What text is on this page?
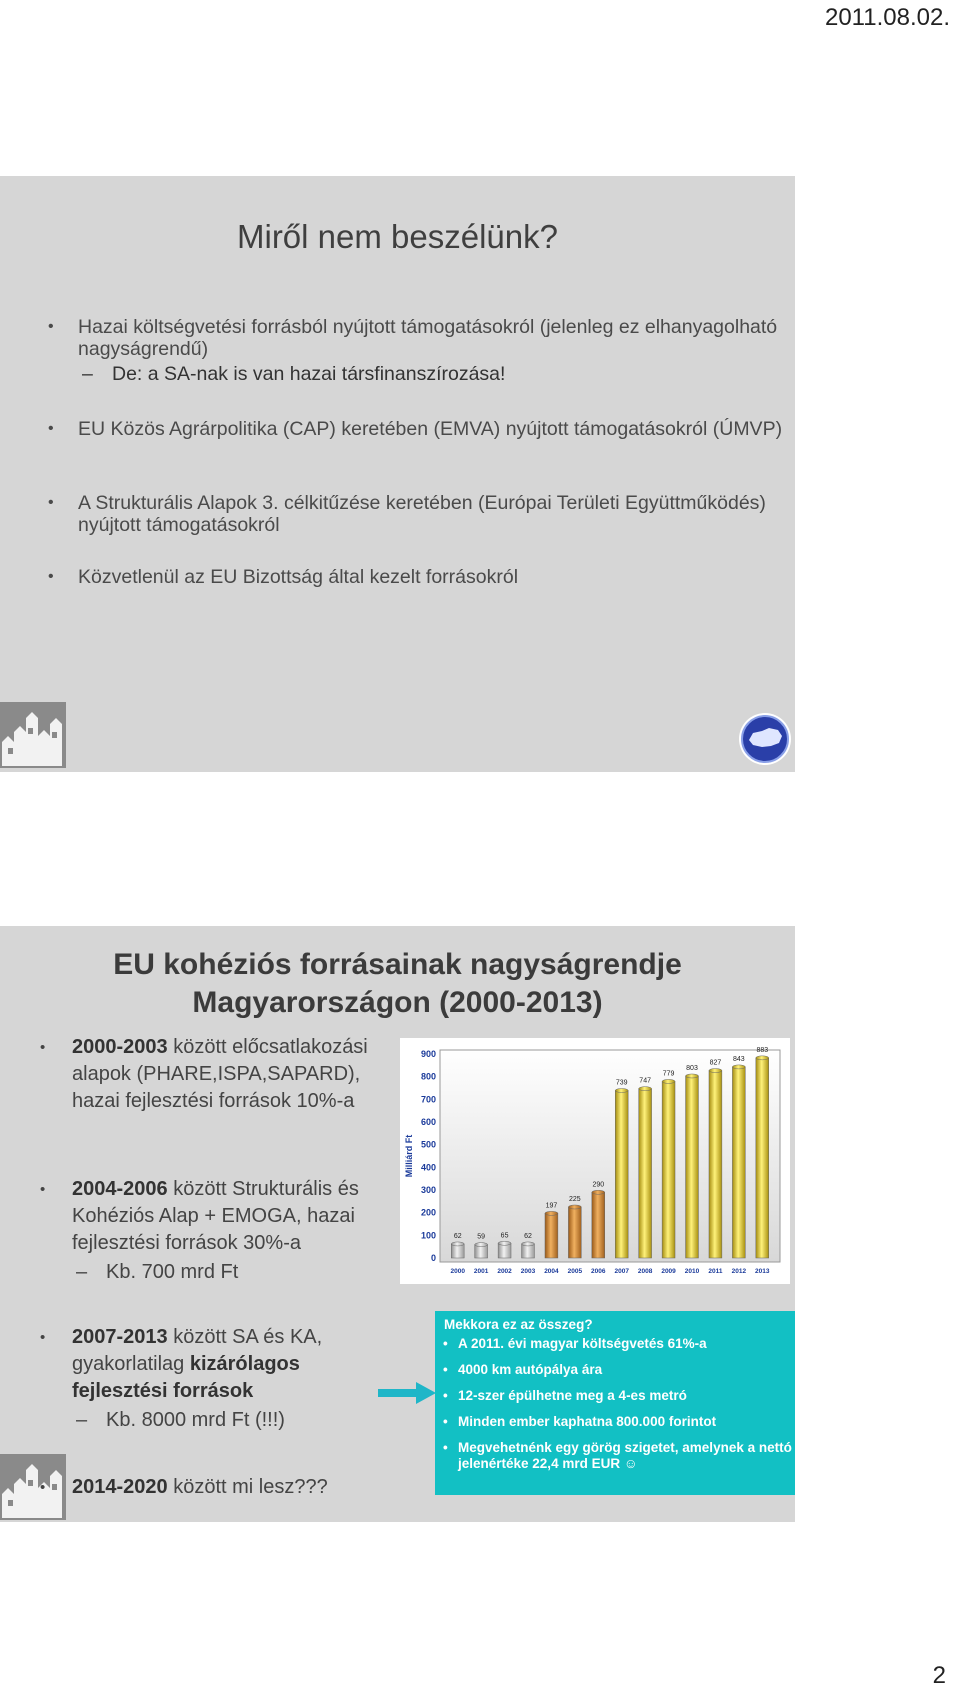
2011.08.02.
Miről nem beszélünk?
• Hazai költségvetési forrásból nyújtott támogatásokról (jelenleg ez elhanyagolható nagyságrendű)
– De: a SA-nak is van hazai társfinanszírozása!
• EU Közös Agrárpolitika (CAP) keretében (EMVA) nyújtott támogatásokról (ÚMVP)
• A Strukturális Alapok 3. célkitűzése keretében (Európai Területi Együttműködés) nyújtott támogatásokról
• Közvetlenül az EU Bizottság által kezelt forrásokról
EU kohéziós forrásainak nagyságrendje
Magyarországon (2000-2013)
• 2000-2003 között előcsatlakozási alapok (PHARE,ISPA,SAPARD), hazai fejlesztési források 10%-a
• 2004-2006 között Strukturális és Kohéziós Alap + EMOGA, hazai fejlesztési források 30%-a
– Kb. 700 mrd Ft
• 2007-2013 között SA és KA, gyakorlatilag kizárólagos fejlesztési források
– Kb. 8000 mrd Ft (!!!)
• 2014-2020 között mi lesz???
Milliárd Ft
0
100
200
300
400
500
600
700
800
900
62 59 65 62
197
225
290
739 747
779
803
827
843
883
2000 2001 2002 2003 2004 2005 2006 2007 2008 2009 2010 2011 2012 2013
Mekkora ez az összeg?
• A 2011. évi magyar költségvetés 61%-a
• 4000 km autópálya ára
• 12-szer épülhetne meg a 4-es metró
• Minden ember kaphatna 800.000 forintot
• Megvehetnénk egy görög szigetet, amelynek a nettó jelenértéke 22,4 mrd EUR ☺
2
